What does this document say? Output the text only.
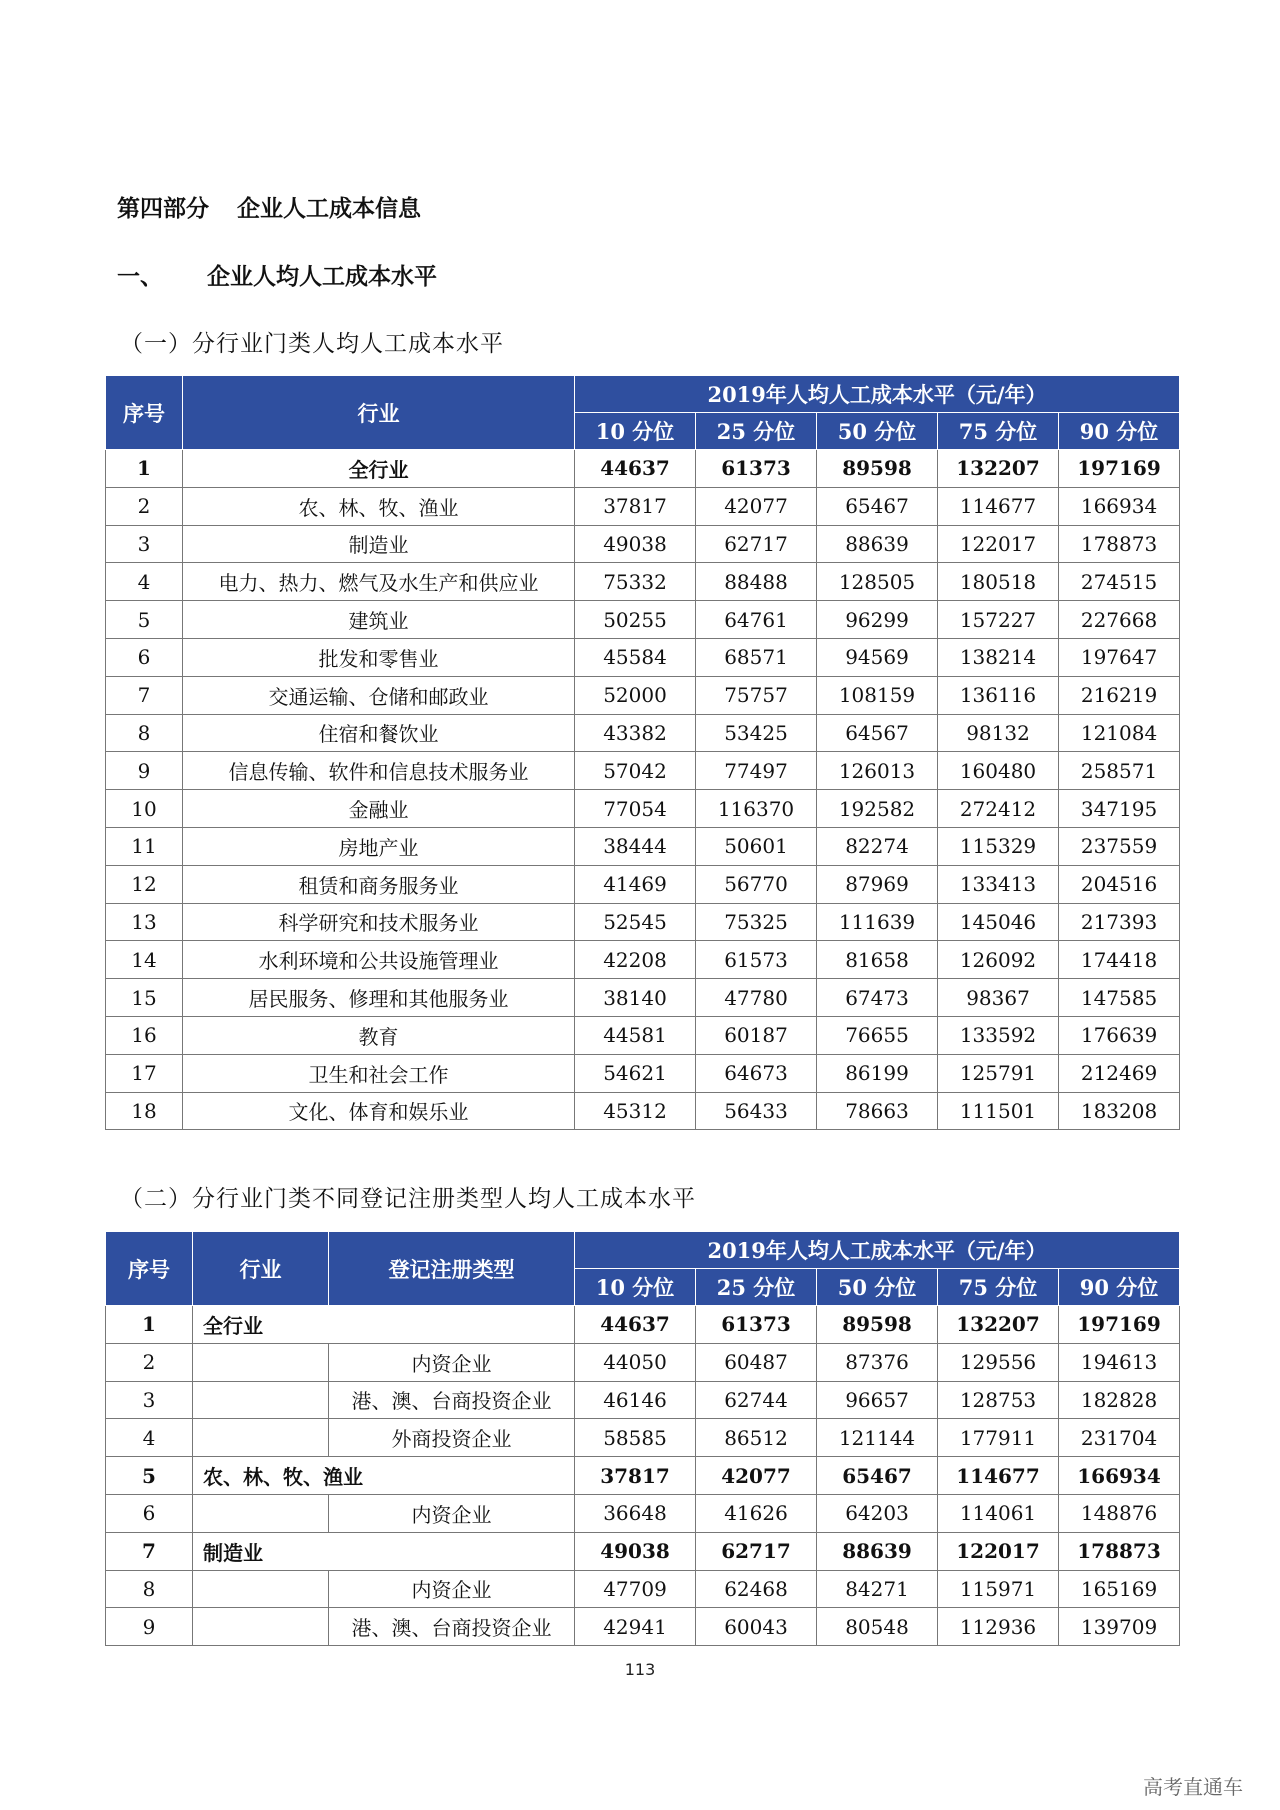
第四部分 企业人工成本信息
一、 企业人均人工成本水平
（一）分行业门类人均人工成本水平
序号	行业	2019年人均人工成本水平（元/年）				
		10 分位	25 分位	50 分位	75 分位	90 分位
1	全行业	44637	61373	89598	132207	197169
2	农、林、牧、渔业	37817	42077	65467	114677	166934
3	制造业	49038	62717	88639	122017	178873
4	电力、热力、燃气及水生产和供应业	75332	88488	128505	180518	274515
5	建筑业	50255	64761	96299	157227	227668
6	批发和零售业	45584	68571	94569	138214	197647
7	交通运输、仓储和邮政业	52000	75757	108159	136116	216219
8	住宿和餐饮业	43382	53425	64567	98132	121084
9	信息传输、软件和信息技术服务业	57042	77497	126013	160480	258571
10	金融业	77054	116370	192582	272412	347195
11	房地产业	38444	50601	82274	115329	237559
12	租赁和商务服务业	41469	56770	87969	133413	204516
13	科学研究和技术服务业	52545	75325	111639	145046	217393
14	水利环境和公共设施管理业	42208	61573	81658	126092	174418
15	居民服务、修理和其他服务业	38140	47780	67473	98367	147585
16	教育	44581	60187	76655	133592	176639
17	卫生和社会工作	54621	64673	86199	125791	212469
18	文化、体育和娱乐业	45312	56433	78663	111501	183208
（二）分行业门类不同登记注册类型人均人工成本水平
序号	行业	登记注册类型	2019年人均人工成本水平（元/年）				
			10 分位	25 分位	50 分位	75 分位	90 分位
1	全行业		44637	61373	89598	132207	197169
2		内资企业	44050	60487	87376	129556	194613
3		港、澳、台商投资企业	46146	62744	96657	128753	182828
4		外商投资企业	58585	86512	121144	177911	231704
5	农、林、牧、渔业		37817	42077	65467	114677	166934
6		内资企业	36648	41626	64203	114061	148876
7	制造业		49038	62717	88639	122017	178873
8		内资企业	47709	62468	84271	115971	165169
9		港、澳、台商投资企业	42941	60043	80548	112936	139709
113
高考直通车
